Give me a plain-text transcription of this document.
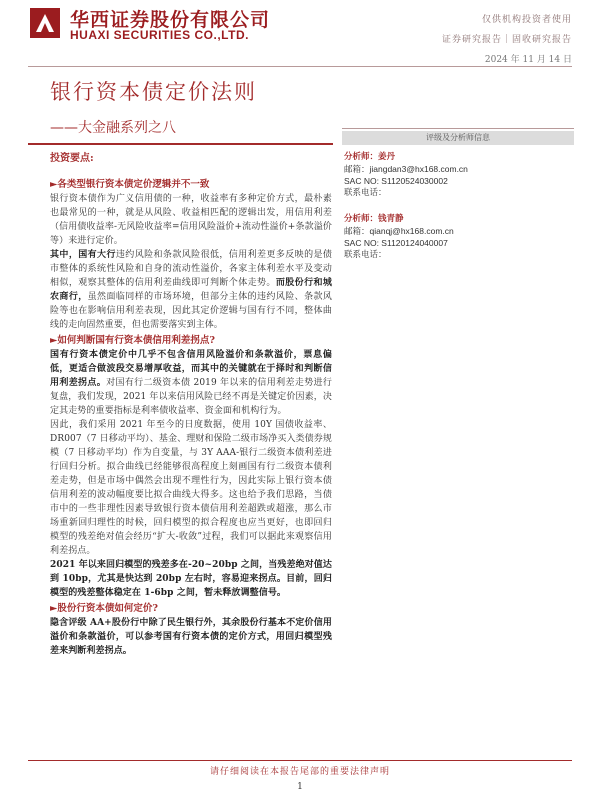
华西证券股份有限公司
HUAXI SECURITIES CO.,LTD.
仅供机构投资者使用
证券研究报告｜固收研究报告
2024 年 11 月 14 日
银行资本债定价法则
——大金融系列之八
投资要点:
►各类型银行资本债定价逻辑并不一致

银行资本债作为广义信用债的一种，收益率有多种定价方式，最朴素也最常见的一种，就是从风险、收益相匹配的逻辑出发，用信用利差（信用债收益率-无风险收益率=信用风险溢价+流动性溢价+条款溢价等）来进行定价。

其中，国有大行违约风险和条款风险很低，信用利差更多反映的是债市整体的系统性风险和自身的流动性溢价，各家主体利差水平及变动相似，观察其整体的信用利差曲线即可判断个体走势。而股份行和城农商行，虽然面临同样的市场环境，但部分主体的违约风险、条款风险等也在影响信用利差表现，因此其定价逻辑与国有行不同，整体曲线的走向固然重要，但也需要落实到主体。

►如何判断国有行资本债信用利差拐点?

国有行资本债定价中几乎不包含信用风险溢价和条款溢价，票息偏低，更适合做波段交易增厚收益，而其中的关键就在于择时和判断信用利差拐点。对国有行二级资本债 2019 年以来的信用利差走势进行复盘，我们发现，2021 年以来信用风险已经不再是关键定价因素，决定其走势的重要指标是利率债收益率、资金面和机构行为。

因此，我们采用 2021 年至今的日度数据，使用 10Y 国债收益率、DR007（7 日移动平均）、基金、理财和保险二级市场净买入类债券规模（7 日移动平均）作为自变量，与 3Y AAA-银行二级资本债利差进行回归分析。拟合曲线已经能够很高程度上刻画国有行二级资本债利差走势，但是市场中偶然会出现不理性行为，因此实际上银行资本债信用利差的波动幅度要比拟合曲线大得多。这也给予我们思路，当债市中的一些非理性因素导致银行资本债信用利差超跌或超涨，那么市场重新回归理性的时候，回归模型的拟合程度也应当更好，也即回归模型的残差绝对值会经历“扩大-收敛”过程，我们可以据此来观察信用利差拐点。

2021 年以来回归模型的残差多在-20~20bp 之间，当残差绝对值达到 10bp，尤其是快达到 20bp 左右时，容易迎来拐点。目前，回归模型的残差整体稳定在 1-6bp 之间，暂未释放调整信号。

►股份行资本债如何定价?

隐含评级 AA+股份行中除了民生银行外，其余股份行基本不定价信用溢价和条款溢价，可以参考国有行资本债的定价方式，用回归模型残差来判断利差拐点。

评级及分析师信息
分析师：姜丹
邮箱：jiangdan3@hx168.com.cn
SAC NO: S1120524030002
联系电话：
分析师：钱青静
邮箱：qianqj@hx168.com.cn
SAC NO: S1120124040007
联系电话：
请仔细阅读在本报告尾部的重要法律声明
1
